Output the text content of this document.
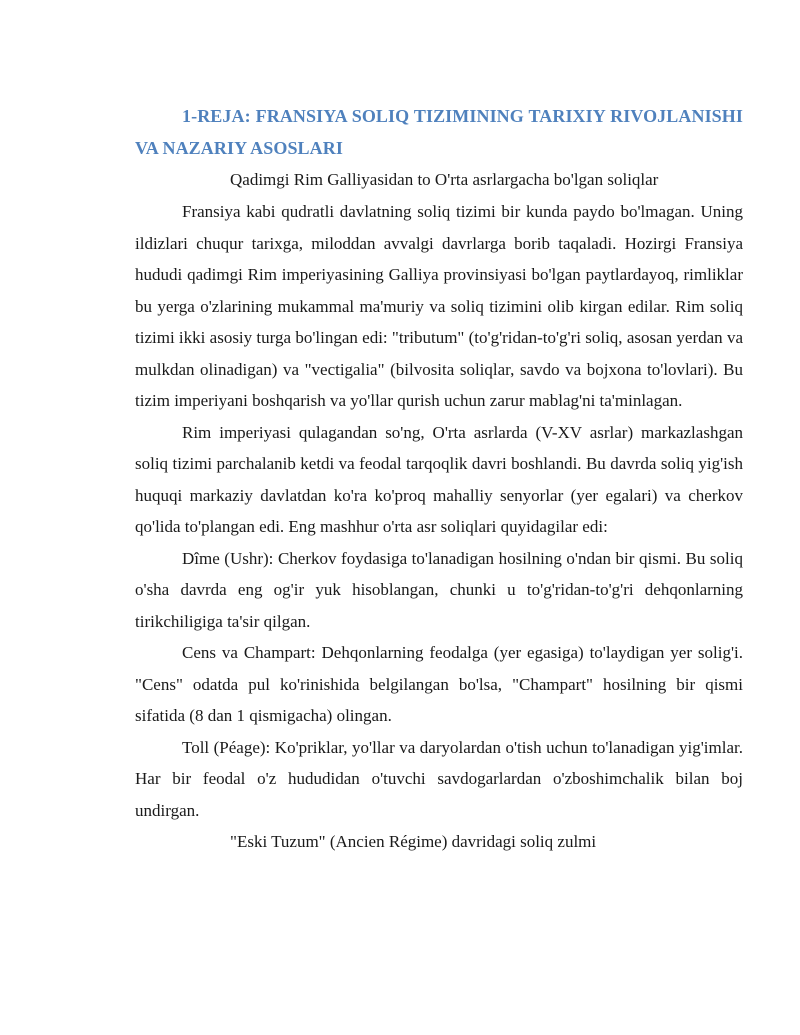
1-REJA: FRANSIYA SOLIQ TIZIMINING TARIXIY RIVOJLANISHI VA NAZARIY ASOSLARI

Qadimgi Rim Galliyasidan to O'rta asrlargacha bo'lgan soliqlar

Fransiya kabi qudratli davlatning soliq tizimi bir kunda paydo bo'lmagan. Uning ildizlari chuqur tarixga, miloddan avvalgi davrlarga borib taqaladi. Hozirgi Fransiya hududi qadimgi Rim imperiyasining Galliya provinsiyasi bo'lgan paytlardayoq, rimliklar bu yerga o'zlarining mukammal ma'muriy va soliq tizimini olib kirgan edilar. Rim soliq tizimi ikki asosiy turga bo'lingan edi: "tributum" (to'g'ridan-to'g'ri soliq, asosan yerdan va mulkdan olinadigan) va "vectigalia" (bilvosita soliqlar, savdo va bojxona to'lovlari). Bu tizim imperiyani boshqarish va yo'llar qurish uchun zarur mablag'ni ta'minlagan.

Rim imperiyasi qulagandan so'ng, O'rta asrlarda (V-XV asrlar) markazlashgan soliq tizimi parchalanib ketdi va feodal tarqoqlik davri boshlandi. Bu davrda soliq yig'ish huquqi markaziy davlatdan ko'ra ko'proq mahalliy senyorlar (yer egalari) va cherkov qo'lida to'plangan edi. Eng mashhur o'rta asr soliqlari quyidagilar edi:

Dîme (Ushr): Cherkov foydasiga to'lanadigan hosilning o'ndan bir qismi. Bu soliq o'sha davrda eng og'ir yuk hisoblangan, chunki u to'g'ridan-to'g'ri dehqonlarning tirikchiligiga ta'sir qilgan.

Cens va Champart: Dehqonlarning feodalga (yer egasiga) to'laydigan yer solig'i. "Cens" odatda pul ko'rinishida belgilangan bo'lsa, "Champart" hosilning bir qismi sifatida (8 dan 1 qismigacha) olingan.

Toll (Péage): Ko'priklar, yo'llar va daryolardan o'tish uchun to'lanadigan yig'imlar. Har bir feodal o'z hududidan o'tuvchi savdogarlardan o'zboshimchalik bilan boj undirgan.

"Eski Tuzum" (Ancien Régime) davridagi soliq zulmi
